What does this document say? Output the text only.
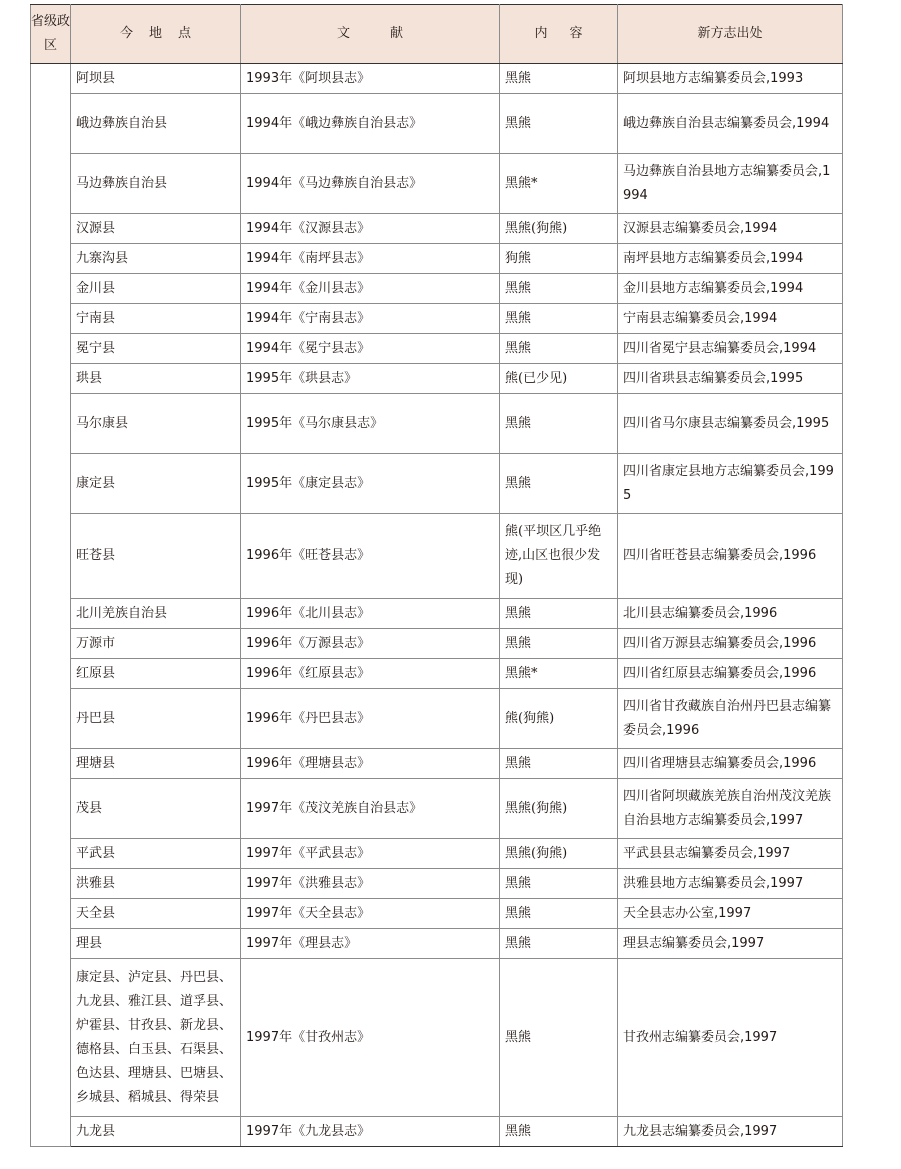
省级政区	今地点	文献	内容	新方志出处
	阿坝县	1993年《阿坝县志》	黑熊	阿坝县地方志编纂委员会,1993
	峨边彝族自治县	1994年《峨边彝族自治县志》	黑熊	峨边彝族自治县志编纂委员会,1994
	马边彝族自治县	1994年《马边彝族自治县志》	黑熊*	马边彝族自治县地方志编纂委员会,1994
	汉源县	1994年《汉源县志》	黑熊(狗熊)	汉源县志编纂委员会,1994
	九寨沟县	1994年《南坪县志》	狗熊	南坪县地方志编纂委员会,1994
	金川县	1994年《金川县志》	黑熊	金川县地方志编纂委员会,1994
	宁南县	1994年《宁南县志》	黑熊	宁南县志编纂委员会,1994
	冕宁县	1994年《冕宁县志》	黑熊	四川省冕宁县志编纂委员会,1994
	珙县	1995年《珙县志》	熊(已少见)	四川省珙县志编纂委员会,1995
	马尔康县	1995年《马尔康县志》	黑熊	四川省马尔康县志编纂委员会,1995
	康定县	1995年《康定县志》	黑熊	四川省康定县地方志编纂委员会,1995
	旺苍县	1996年《旺苍县志》	熊(平坝区几乎绝迹,山区也很少发现)	四川省旺苍县志编纂委员会,1996
	北川羌族自治县	1996年《北川县志》	黑熊	北川县志编纂委员会,1996
	万源市	1996年《万源县志》	黑熊	四川省万源县志编纂委员会,1996
	红原县	1996年《红原县志》	黑熊*	四川省红原县志编纂委员会,1996
	丹巴县	1996年《丹巴县志》	熊(狗熊)	四川省甘孜藏族自治州丹巴县志编纂委员会,1996
	理塘县	1996年《理塘县志》	黑熊	四川省理塘县志编纂委员会,1996
	茂县	1997年《茂汶羌族自治县志》	黑熊(狗熊)	四川省阿坝藏族羌族自治州茂汶羌族自治县地方志编纂委员会,1997
	平武县	1997年《平武县志》	黑熊(狗熊)	平武县县志编纂委员会,1997
	洪雅县	1997年《洪雅县志》	黑熊	洪雅县地方志编纂委员会,1997
	天全县	1997年《天全县志》	黑熊	天全县志办公室,1997
	理县	1997年《理县志》	黑熊	理县志编纂委员会,1997
	康定县、泸定县、丹巴县、九龙县、雅江县、道孚县、炉霍县、甘孜县、新龙县、德格县、白玉县、石渠县、色达县、理塘县、巴塘县、乡城县、稻城县、得荣县	1997年《甘孜州志》	黑熊	甘孜州志编纂委员会,1997
	九龙县	1997年《九龙县志》	黑熊	九龙县志编纂委员会,1997
